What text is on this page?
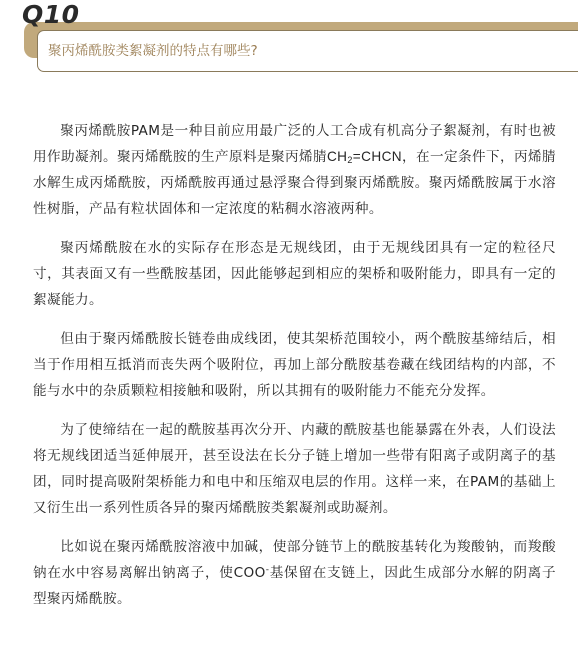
Q10
聚丙烯酰胺类絮凝剂的特点有哪些?

聚丙烯酰胺PAM是一种目前应用最广泛的人工合成有机高分子絮凝剂，有时也被用作助凝剂。聚丙烯酰胺的生产原料是聚丙烯腈$CH_2=CHCN$，在一定条件下，丙烯腈水解生成丙烯酰胺，丙烯酰胺再通过悬浮聚合得到聚丙烯酰胺。聚丙烯酰胺属于水溶性树脂，产品有粒状固体和一定浓度的粘稠水溶液两种。

聚丙烯酰胺在水的实际存在形态是无规线团，由于无规线团具有一定的粒径尺寸，其表面又有一些酰胺基团，因此能够起到相应的架桥和吸附能力，即具有一定的絮凝能力。

但由于聚丙烯酰胺长链卷曲成线团，使其架桥范围较小，两个酰胺基缔结后，相当于作用相互抵消而丧失两个吸附位，再加上部分酰胺基卷藏在线团结构的内部，不能与水中的杂质颗粒相接触和吸附，所以其拥有的吸附能力不能充分发挥。

为了使缔结在一起的酰胺基再次分开、内藏的酰胺基也能暴露在外表，人们设法将无规线团适当延伸展开，甚至设法在长分子链上增加一些带有阳离子或阴离子的基团，同时提高吸附架桥能力和电中和压缩双电层的作用。这样一来，在PAM的基础上又衍生出一系列性质各异的聚丙烯酰胺类絮凝剂或助凝剂。

比如说在聚丙烯酰胺溶液中加碱，使部分链节上的酰胺基转化为羧酸钠，而羧酸钠在水中容易离解出钠离子，使COO-基保留在支链上，因此生成部分水解的阴离子型聚丙烯酰胺。
